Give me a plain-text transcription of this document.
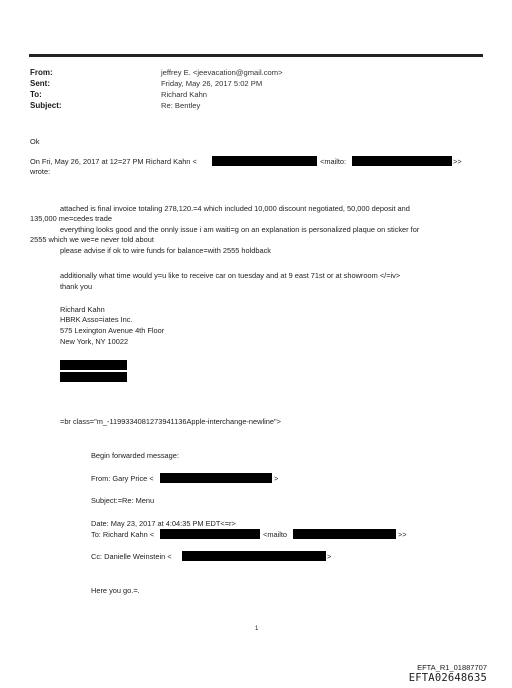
From:	jeffrey E. <jeevacation@gmail.com>
Sent:	Friday, May 26, 2017 5:02 PM
To:	Richard Kahn
Subject:	Re: Bentley
Ok
On Fri, May 26, 2017 at 12=27 PM Richard Kahn <	<mailto:	>>
wrote:
attached is final invoice totaling 278,120.=4 which included 10,000 discount negotiated, 50,000 deposit and
135,000 me=cedes trade
everything looks good and the onnly issue i am waiti=g on an explanation is personalized plaque on sticker for
2555 which we we=e never told about
please advise if ok to wire funds for balance=with 2555 holdback
additionally what time would y=u like to receive car on tuesday and at 9 east 71st or at showroom </=iv>
thank you
Richard Kahn
HBRK Asso=iates Inc.
575 Lexington Avenue 4th Floor
New York, NY 10022
=br class="m_-1199334081273941136Apple-interchange-newline">
Begin forwarded message:
From: Gary Price <	>
Subject:=Re: Menu
Date: May 23, 2017 at 4:04:35 PM EDT<=r>
To: Richard Kahn <	<mailto	>>
Cc: Danielle Weinstein <	>
Here you go.=.
1
EFTA_R1_01887707
EFTA02648635
